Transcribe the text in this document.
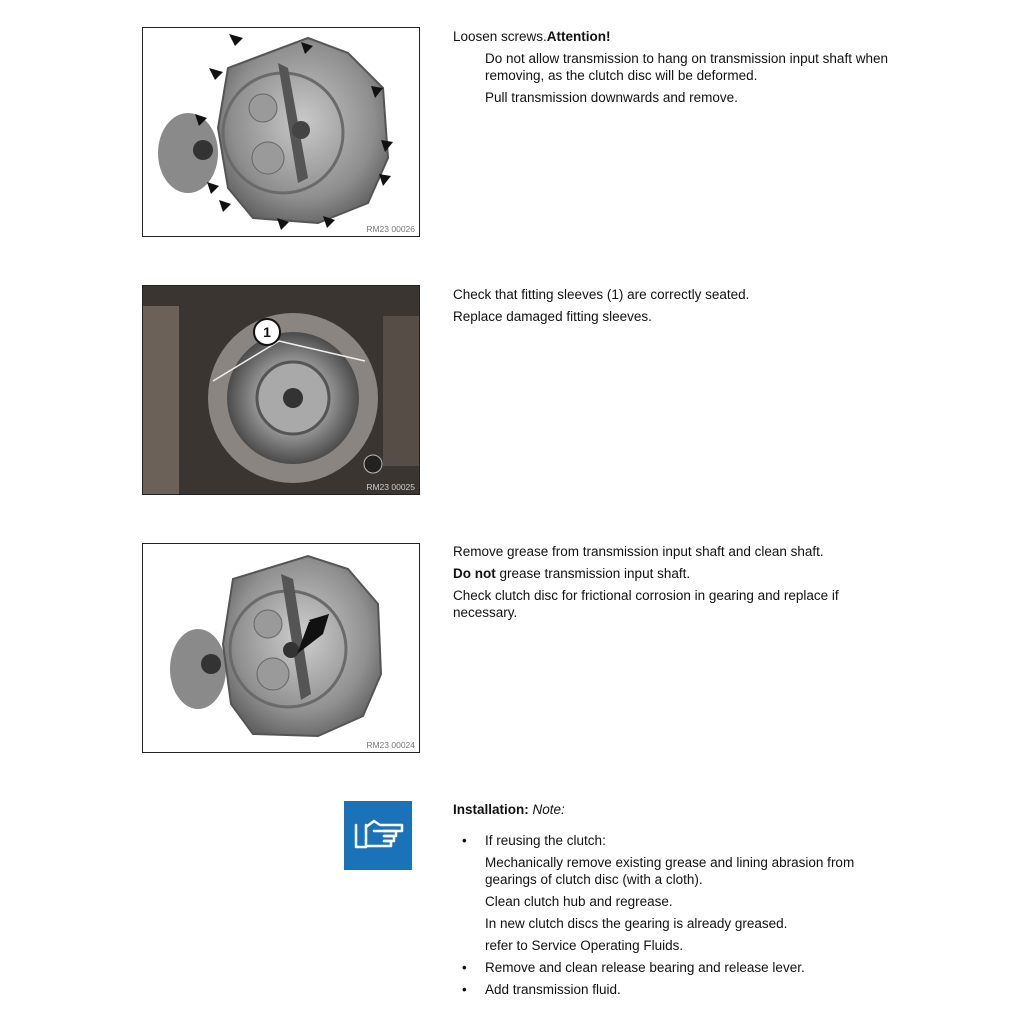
RM23 00026
1
RM23 00025
RM23 00024

Loosen screws.Attention!

Do not allow transmission to hang on transmission input shaft when removing, as the clutch disc will be deformed.

Pull transmission downwards and remove.

Check that fitting sleeves (1) are correctly seated.

Replace damaged fitting sleeves.

Remove grease from transmission input shaft and clean shaft.

Do not grease transmission input shaft.

Check clutch disc for frictional corrosion in gearing and replace if necessary.

Installation: Note:

• If reusing the clutch:
Mechanically remove existing grease and lining abrasion from gearings of clutch disc (with a cloth).
Clean clutch hub and regrease.
In new clutch discs the gearing is already greased.
refer to Service Operating Fluids.
• Remove and clean release bearing and release lever.
• Add transmission fluid.
